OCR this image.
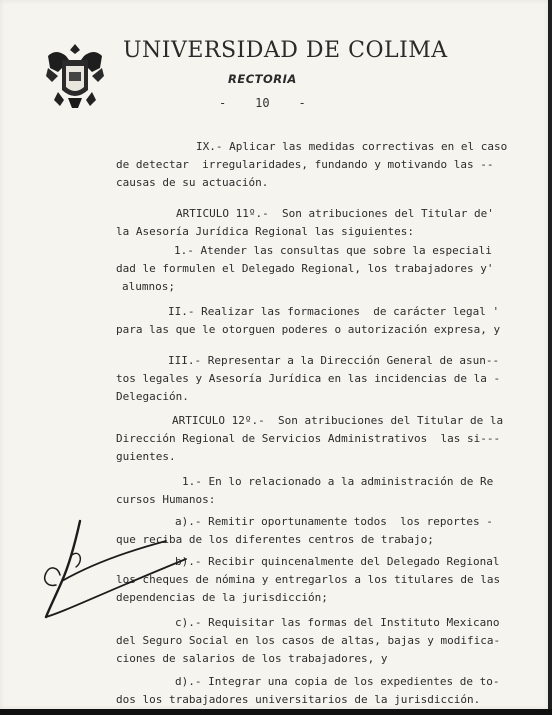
UNIVERSIDAD DE COLIMA
RECTORIA
-    10    -
IX.- Aplicar las medidas correctivas en el caso
de detectar  irregularidades, fundando y motivando las --
causas de su actuación.
ARTICULO 11º.-  Son atribuciones del Titular de'
la Asesoría Jurídica Regional las siguientes:
1.- Atender las consultas que sobre la especiali
dad le formulen el Delegado Regional, los trabajadores y'
alumnos;
II.- Realizar las formaciones  de carácter legal '
para las que le otorguen poderes o autorización expresa, y
III.- Representar a la Dirección General de asun--
tos legales y Asesoría Jurídica en las incidencias de la -
Delegación.
ARTICULO 12º.-  Son atribuciones del Titular de la
Dirección Regional de Servicios Administrativos  las si---
guientes.
1.- En lo relacionado a la administración de Re
cursos Humanos:
a).- Remitir oportunamente todos  los reportes -
que reciba de los diferentes centros de trabajo;
b).- Recibir quincenalmente del Delegado Regional
los cheques de nómina y entregarlos a los titulares de las
dependencias de la jurisdicción;
c).- Requisitar las formas del Instituto Mexicano
del Seguro Social en los casos de altas, bajas y modifica-
ciones de salarios de los trabajadores, y
d).- Integrar una copia de los expedientes de to-
dos los trabajadores universitarios de la jurisdicción.
